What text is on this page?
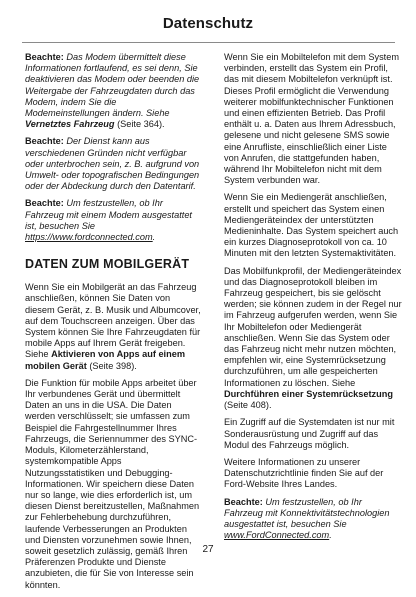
Datenschutz

Beachte: Das Modem übermittelt diese Informationen fortlaufend, es sei denn, Sie deaktivieren das Modem oder beenden die Weitergabe der Fahrzeugdaten durch das Modem, indem Sie die Modemeinstellungen ändern. Siehe Vernetztes Fahrzeug (Seite 364).

Beachte: Der Dienst kann aus verschiedenen Gründen nicht verfügbar oder unterbrochen sein, z. B. aufgrund von Umwelt- oder topografischen Bedingungen oder der Abdeckung durch den Datentarif.

Beachte: Um festzustellen, ob Ihr Fahrzeug mit einem Modem ausgestattet ist, besuchen Sie https://www.fordconnected.com.

DATEN ZUM MOBILGERÄT

Wenn Sie ein Mobilgerät an das Fahrzeug anschließen, können Sie Daten von diesem Gerät, z. B. Musik und Albumcover, auf dem Touchscreen anzeigen. Über das System können Sie Ihre Fahrzeugdaten für mobile Apps auf Ihrem Gerät freigeben. Siehe Aktivieren von Apps auf einem mobilen Gerät (Seite 398).

Die Funktion für mobile Apps arbeitet über Ihr verbundenes Gerät und übermittelt Daten an uns in die USA. Die Daten werden verschlüsselt; sie umfassen zum Beispiel die Fahrgestellnummer Ihres Fahrzeugs, die Seriennummer des SYNC-Moduls, Kilometerzählerstand, systemkompatible Apps Nutzungsstatistiken und Debugging-Informationen. Wir speichern diese Daten nur so lange, wie dies erforderlich ist, um diesen Dienst bereitzustellen, Maßnahmen zur Fehlerbehebung durchzuführen, laufende Verbesserungen an Produkten und Diensten vorzunehmen sowie Ihnen, soweit gesetzlich zulässig, gemäß Ihren Präferenzen Produkte und Dienste anzubieten, die für Sie von Interesse sein könnten.

Wenn Sie ein Mobiltelefon mit dem System verbinden, erstellt das System ein Profil, das mit diesem Mobiltelefon verknüpft ist. Dieses Profil ermöglicht die Verwendung weiterer mobilfunktechnischer Funktionen und einen effizienten Betrieb. Das Profil enthält u. a. Daten aus Ihrem Adressbuch, gelesene und nicht gelesene SMS sowie eine Anrufliste, einschließlich einer Liste von Anrufen, die stattgefunden haben, während Ihr Mobiltelefon nicht mit dem System verbunden war.

Wenn Sie ein Mediengerät anschließen, erstellt und speichert das System einen Mediengeräteindex der unterstützten Medieninhalte. Das System speichert auch ein kurzes Diagnoseprotokoll von ca. 10 Minuten mit den letzten Systemaktivitäten.

Das Mobilfunkprofil, der Mediengeräteindex und das Diagnoseprotokoll bleiben im Fahrzeug gespeichert, bis sie gelöscht werden; sie können zudem in der Regel nur im Fahrzeug aufgerufen werden, wenn Sie Ihr Mobiltelefon oder Mediengerät anschließen. Wenn Sie das System oder das Fahrzeug nicht mehr nutzen möchten, empfehlen wir, eine Systemrücksetzung durchzuführen, um alle gespeicherten Informationen zu löschen. Siehe Durchführen einer Systemrücksetzung (Seite 408).

Ein Zugriff auf die Systemdaten ist nur mit Sonderausrüstung und Zugriff auf das Modul des Fahrzeugs möglich.

Weitere Informationen zu unserer Datenschutzrichtlinie finden Sie auf der Ford-Website Ihres Landes.

Beachte: Um festzustellen, ob Ihr Fahrzeug mit Konnektivitätstechnologien ausgestattet ist, besuchen Sie www.FordConnected.com.

27
